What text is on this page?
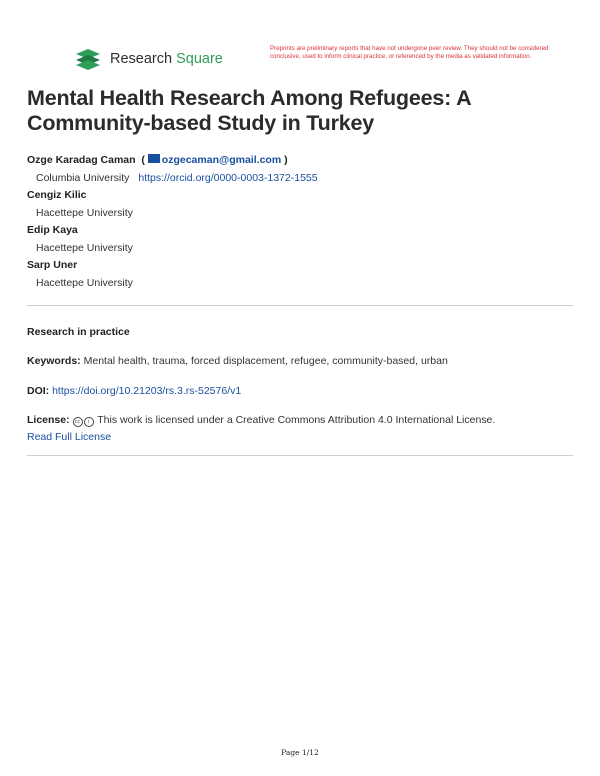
Research Square
Preprints are preliminary reports that have not undergone peer review. They should not be considered conclusive, used to inform clinical practice, or referenced by the media as validated information.
Mental Health Research Among Refugees: A Community-based Study in Turkey

Ozge Karadag Caman  ( ozgecaman@gmail.com )

Columbia University https://orcid.org/0000-0003-1372-1555

Cengiz Kilic

Hacettepe University

Edip Kaya

Hacettepe University

Sarp Uner

Hacettepe University

Research in practice
Keywords: Mental health, trauma, forced displacement, refugee, community-based, urban
DOI: https://doi.org/10.21203/rs.3.rs-52576/v1
License: cc i This work is licensed under a Creative Commons Attribution 4.0 International License.
Read Full License
Page 1/12
